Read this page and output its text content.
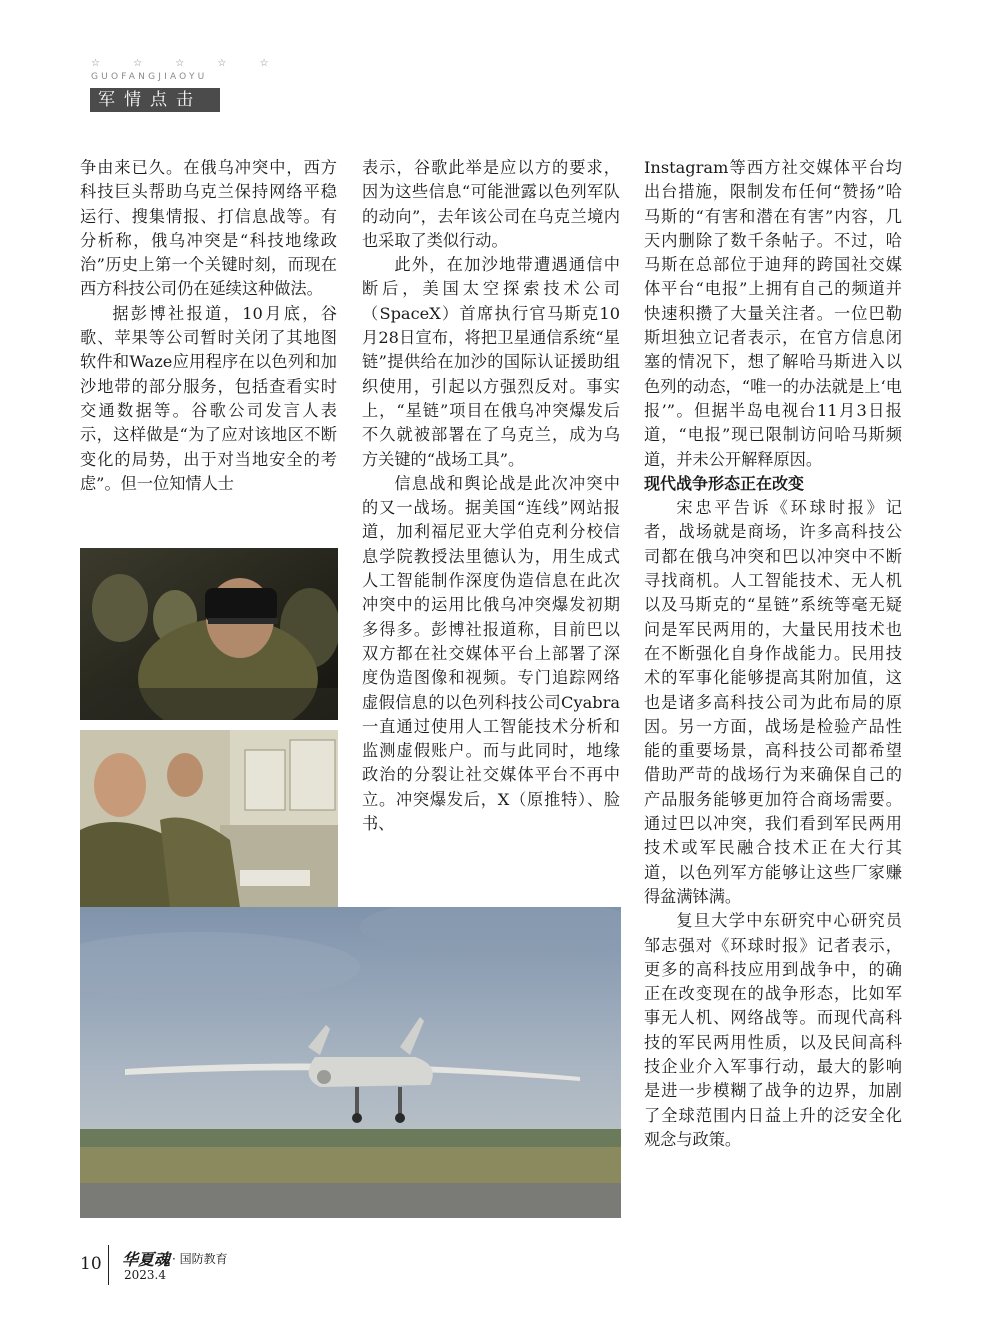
☆ ☆ ☆ ☆ ☆
GUOFANGJIAOYU
军情点击

争由来已久。在俄乌冲突中，西方科技巨头帮助乌克兰保持网络平稳运行、搜集情报、打信息战等。有分析称，俄乌冲突是“科技地缘政治”历史上第一个关键时刻，而现在西方科技公司仍在延续这种做法。

据彭博社报道，10月底，谷歌、苹果等公司暂时关闭了其地图软件和Waze应用程序在以色列和加沙地带的部分服务，包括查看实时交通数据等。谷歌公司发言人表示，这样做是“为了应对该地区不断变化的局势，出于对当地安全的考虑”。但一位知情人士

表示，谷歌此举是应以方的要求，因为这些信息“可能泄露以色列军队的动向”，去年该公司在乌克兰境内也采取了类似行动。

此外，在加沙地带遭遇通信中断后，美国太空探索技术公司（SpaceX）首席执行官马斯克10月28日宣布，将把卫星通信系统“星链”提供给在加沙的国际认证援助组织使用，引起以方强烈反对。事实上，“星链”项目在俄乌冲突爆发后不久就被部署在了乌克兰，成为乌方关键的“战场工具”。

信息战和舆论战是此次冲突中的又一战场。据美国“连线”网站报道，加利福尼亚大学伯克利分校信息学院教授法里德认为，用生成式人工智能制作深度伪造信息在此次冲突中的运用比俄乌冲突爆发初期多得多。彭博社报道称，目前巴以双方都在社交媒体平台上部署了深度伪造图像和视频。专门追踪网络虚假信息的以色列科技公司Cyabra一直通过使用人工智能技术分析和监测虚假账户。而与此同时，地缘政治的分裂让社交媒体平台不再中立。冲突爆发后，X（原推特）、脸书、

Instagram等西方社交媒体平台均出台措施，限制发布任何“赞扬”哈马斯的“有害和潜在有害”内容，几天内删除了数千条帖子。不过，哈马斯在总部位于迪拜的跨国社交媒体平台“电报”上拥有自己的频道并快速积攒了大量关注者。一位巴勒斯坦独立记者表示，在官方信息闭塞的情况下，想了解哈马斯进入以色列的动态，“唯一的办法就是上‘电报’”。但据半岛电视台11月3日报道，“电报”现已限制访问哈马斯频道，并未公开解释原因。

现代战争形态正在改变

宋忠平告诉《环球时报》记者，战场就是商场，许多高科技公司都在俄乌冲突和巴以冲突中不断寻找商机。人工智能技术、无人机以及马斯克的“星链”系统等毫无疑问是军民两用的，大量民用技术也在不断强化自身作战能力。民用技术的军事化能够提高其附加值，这也是诸多高科技公司为此布局的原因。另一方面，战场是检验产品性能的重要场景，高科技公司都希望借助严苛的战场行为来确保自己的产品服务能够更加符合商场需要。通过巴以冲突，我们看到军民两用技术或军民融合技术正在大行其道，以色列军方能够让这些厂家赚得盆满钵满。

复旦大学中东研究中心研究员邹志强对《环球时报》记者表示，更多的高科技应用到战争中，的确正在改变现在的战争形态，比如军事无人机、网络战等。而现代高科技的军民两用性质，以及民间高科技企业介入军事行动，最大的影响是进一步模糊了战争的边界，加剧了全球范围内日益上升的泛安全化观念与政策。

10 华夏魂 · 国防教育
2023.4
